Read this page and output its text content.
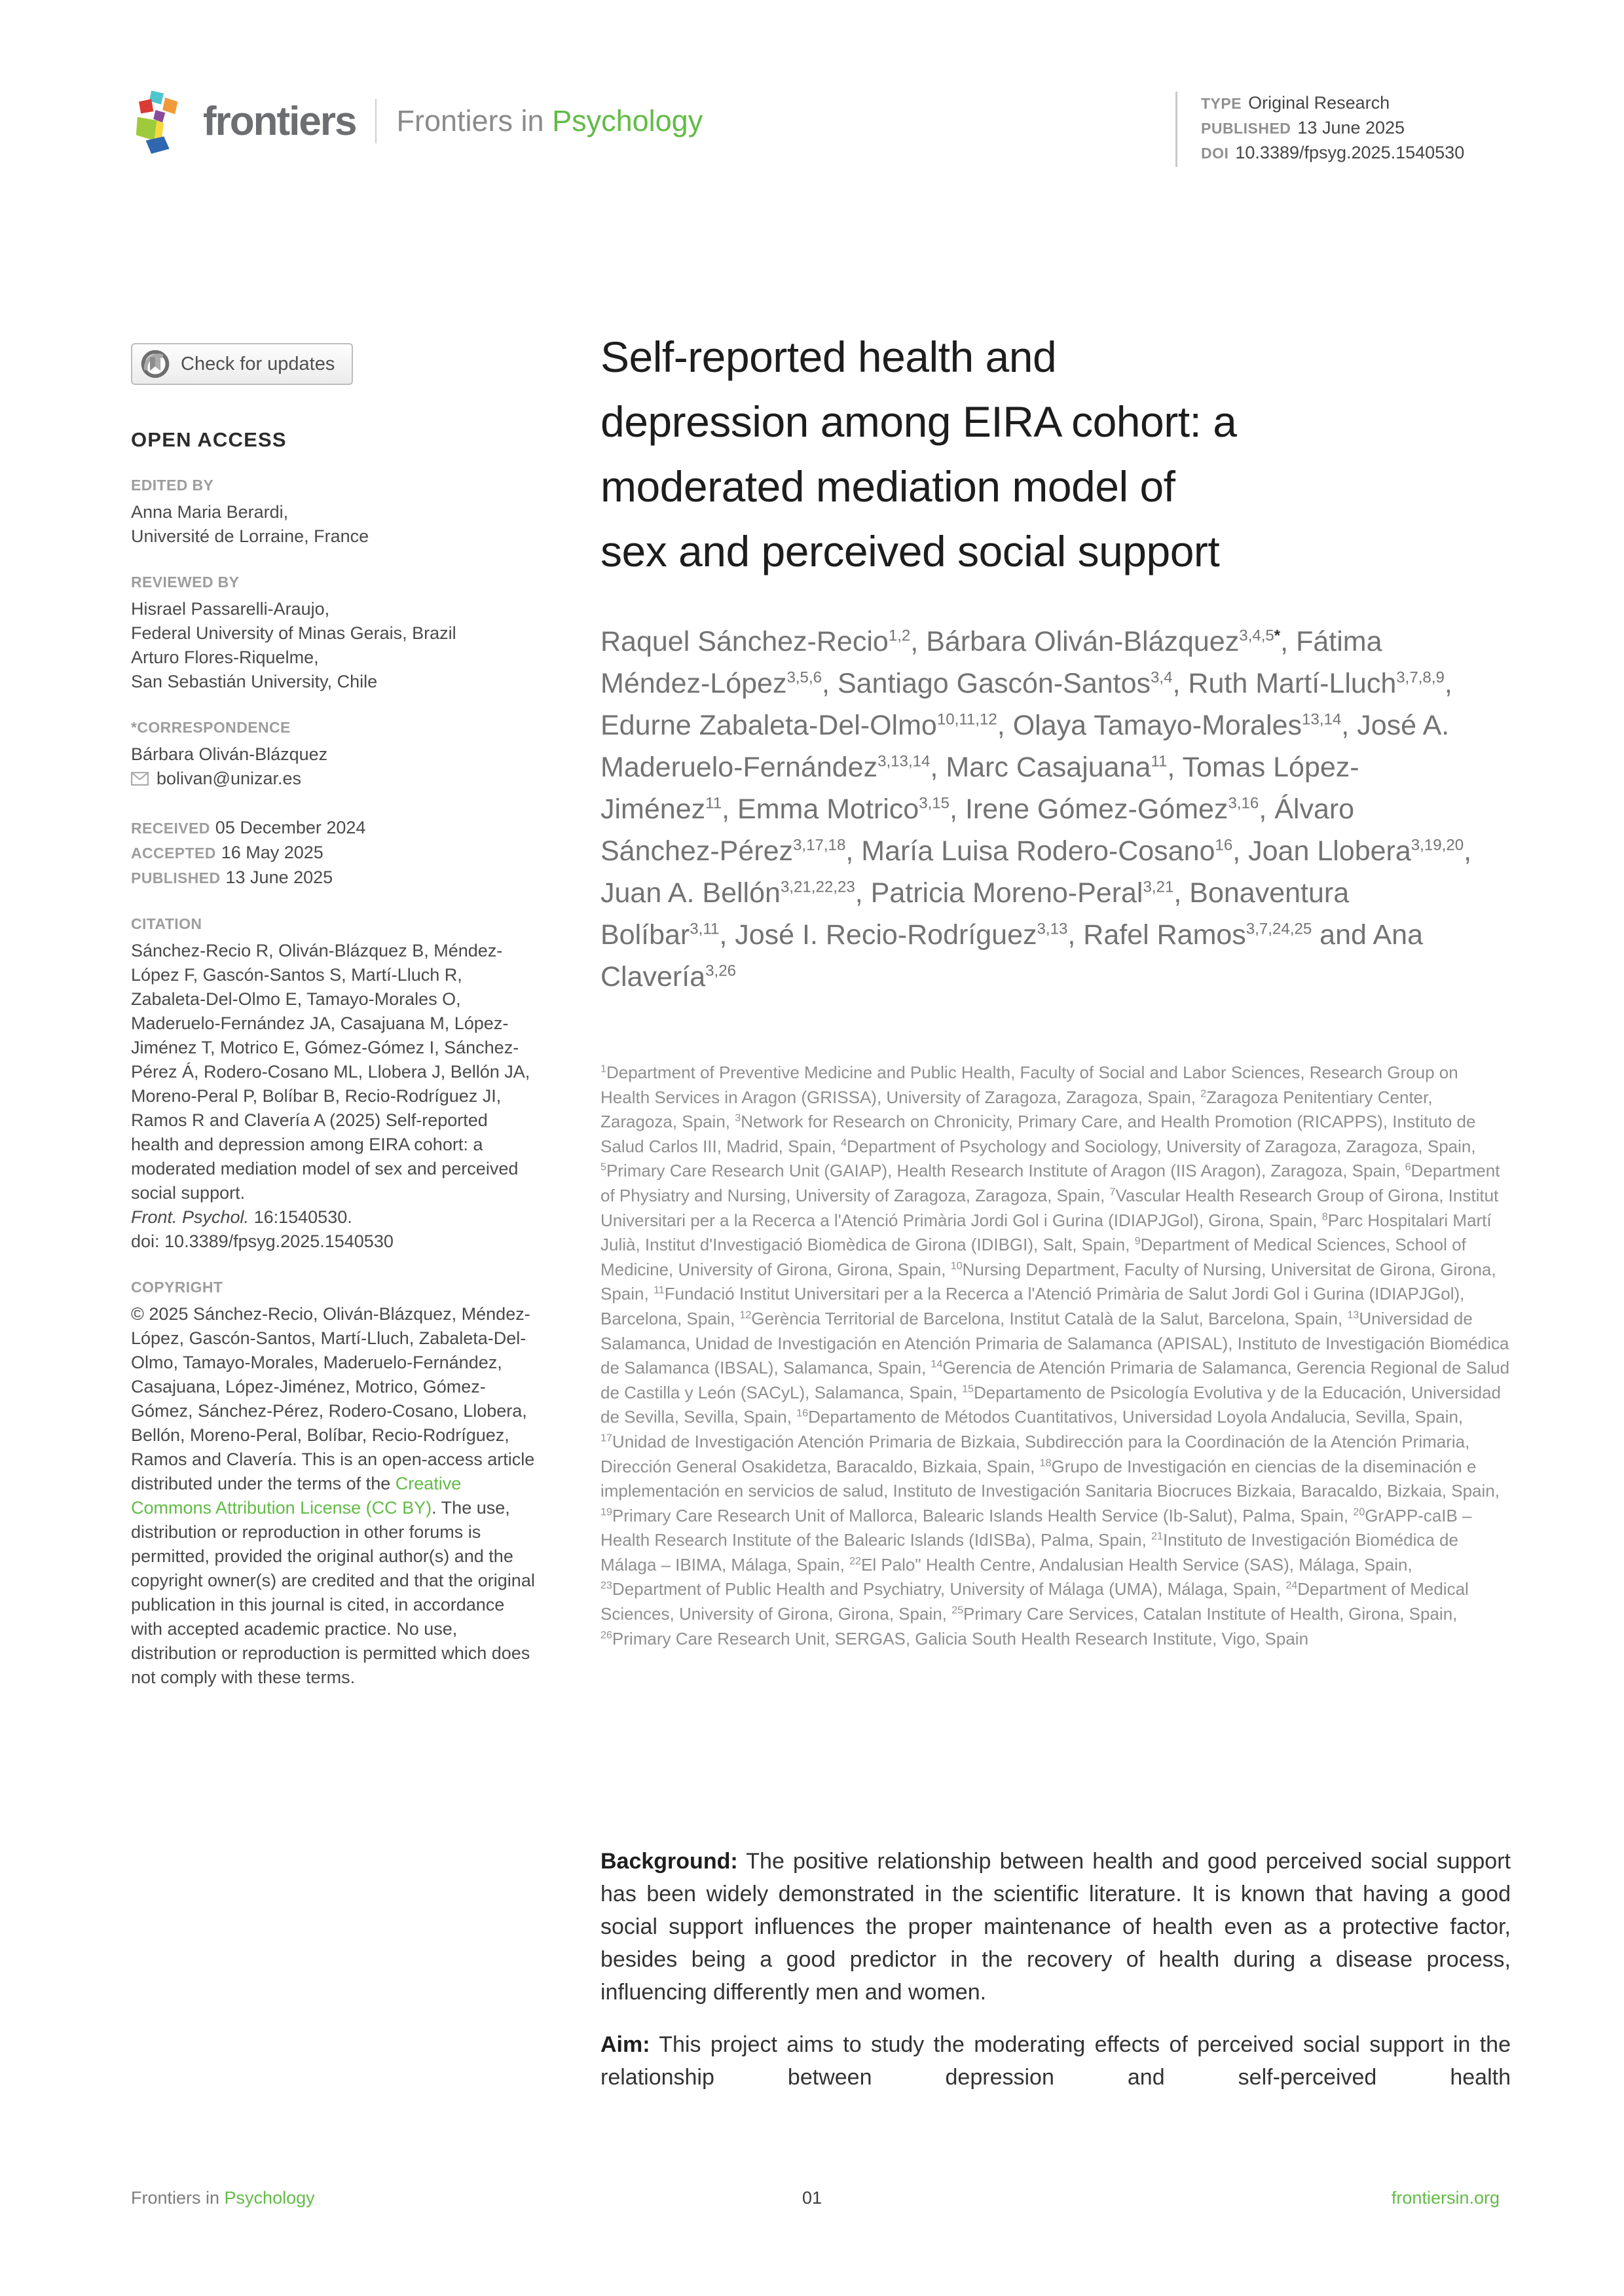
frontiers Frontiers in Psychology
TYPE Original Research
PUBLISHED 13 June 2025
DOI 10.3389/fpsyg.2025.1540530
Check for updates
OPEN ACCESS
EDITED BY
Anna Maria Berardi,
Université de Lorraine, France
REVIEWED BY
Hisrael Passarelli-Araujo,
Federal University of Minas Gerais, Brazil
Arturo Flores-Riquelme,
San Sebastián University, Chile
*CORRESPONDENCE
Bárbara Oliván-Blázquez
bolivan@unizar.es
RECEIVED 05 December 2024
ACCEPTED 16 May 2025
PUBLISHED 13 June 2025
CITATION
Sánchez-Recio R, Oliván-Blázquez B, Méndez-López F, Gascón-Santos S, Martí-Lluch R, Zabaleta-Del-Olmo E, Tamayo-Morales O, Maderuelo-Fernández JA, Casajuana M, López-Jiménez T, Motrico E, Gómez-Gómez I, Sánchez-Pérez Á, Rodero-Cosano ML, Llobera J, Bellón JA, Moreno-Peral P, Bolíbar B, Recio-Rodríguez JI, Ramos R and Clavería A (2025) Self-reported health and depression among EIRA cohort: a moderated mediation model of sex and perceived social support.
Front. Psychol. 16:1540530.
doi: 10.3389/fpsyg.2025.1540530
COPYRIGHT
© 2025 Sánchez-Recio, Oliván-Blázquez, Méndez-López, Gascón-Santos, Martí-Lluch, Zabaleta-Del-Olmo, Tamayo-Morales, Maderuelo-Fernández, Casajuana, López-Jiménez, Motrico, Gómez-Gómez, Sánchez-Pérez, Rodero-Cosano, Llobera, Bellón, Moreno-Peral, Bolíbar, Recio-Rodríguez, Ramos and Clavería. This is an open-access article distributed under the terms of the Creative Commons Attribution License (CC BY). The use, distribution or reproduction in other forums is permitted, provided the original author(s) and the copyright owner(s) are credited and that the original publication in this journal is cited, in accordance with accepted academic practice. No use, distribution or reproduction is permitted which does not comply with these terms.
Self-reported health and
depression among EIRA cohort: a
moderated mediation model of
sex and perceived social support
Raquel Sánchez-Recio$^{1,2}$, Bárbara Oliván-Blázquez$^{3,4,5*}$, Fátima Méndez-López$^{3,5,6}$, Santiago Gascón-Santos$^{3,4}$, Ruth Martí-Lluch$^{3,7,8,9}$, Edurne Zabaleta-Del-Olmo$^{10,11,12}$, Olaya Tamayo-Morales$^{13,14}$, José A. Maderuelo-Fernández$^{3,13,14}$, Marc Casajuana$^{11}$, Tomas López-Jiménez$^{11}$, Emma Motrico$^{3,15}$, Irene Gómez-Gómez$^{3,16}$, Álvaro Sánchez-Pérez$^{3,17,18}$, María Luisa Rodero-Cosano$^{16}$, Joan Llobera$^{3,19,20}$, Juan A. Bellón$^{3,21,22,23}$, Patricia Moreno-Peral$^{3,21}$, Bonaventura Bolíbar$^{3,11}$, José I. Recio-Rodríguez$^{3,13}$, Rafel Ramos$^{3,7,24,25}$ and Ana Clavería$^{3,26}$
$^1$Department of Preventive Medicine and Public Health, Faculty of Social and Labor Sciences, Research Group on Health Services in Aragon (GRISSA), University of Zaragoza, Zaragoza, Spain, $^2$Zaragoza Penitentiary Center, Zaragoza, Spain, $^3$Network for Research on Chronicity, Primary Care, and Health Promotion (RICAPPS), Instituto de Salud Carlos III, Madrid, Spain, $^4$Department of Psychology and Sociology, University of Zaragoza, Zaragoza, Spain, $^5$Primary Care Research Unit (GAIAP), Health Research Institute of Aragon (IIS Aragon), Zaragoza, Spain, $^6$Department of Physiatry and Nursing, University of Zaragoza, Zaragoza, Spain, $^7$Vascular Health Research Group of Girona, Institut Universitari per a la Recerca a l'Atenció Primària Jordi Gol i Gurina (IDIAPJGol), Girona, Spain, $^8$Parc Hospitalari Martí Julià, Institut d'Investigació Biomèdica de Girona (IDIBGI), Salt, Spain, $^9$Department of Medical Sciences, School of Medicine, University of Girona, Girona, Spain, $^{10}$Nursing Department, Faculty of Nursing, Universitat de Girona, Girona, Spain, $^{11}$Fundació Institut Universitari per a la Recerca a l'Atenció Primària de Salut Jordi Gol i Gurina (IDIAPJGol), Barcelona, Spain, $^{12}$Gerència Territorial de Barcelona, Institut Català de la Salut, Barcelona, Spain, $^{13}$Universidad de Salamanca, Unidad de Investigación en Atención Primaria de Salamanca (APISAL), Instituto de Investigación Biomédica de Salamanca (IBSAL), Salamanca, Spain, $^{14}$Gerencia de Atención Primaria de Salamanca, Gerencia Regional de Salud de Castilla y León (SACyL), Salamanca, Spain, $^{15}$Departamento de Psicología Evolutiva y de la Educación, Universidad de Sevilla, Sevilla, Spain, $^{16}$Departamento de Métodos Cuantitativos, Universidad Loyola Andalucia, Sevilla, Spain, $^{17}$Unidad de Investigación Atención Primaria de Bizkaia, Subdirección para la Coordinación de la Atención Primaria, Dirección General Osakidetza, Baracaldo, Bizkaia, Spain, $^{18}$Grupo de Investigación en ciencias de la diseminación e implementación en servicios de salud, Instituto de Investigación Sanitaria Biocruces Bizkaia, Baracaldo, Bizkaia, Spain, $^{19}$Primary Care Research Unit of Mallorca, Balearic Islands Health Service (Ib-Salut), Palma, Spain, $^{20}$GrAPP-caIB – Health Research Institute of the Balearic Islands (IdISBa), Palma, Spain, $^{21}$Instituto de Investigación Biomédica de Málaga – IBIMA, Málaga, Spain, $^{22}$El Palo" Health Centre, Andalusian Health Service (SAS), Málaga, Spain, $^{23}$Department of Public Health and Psychiatry, University of Málaga (UMA), Málaga, Spain, $^{24}$Department of Medical Sciences, University of Girona, Girona, Spain, $^{25}$Primary Care Services, Catalan Institute of Health, Girona, Spain, $^{26}$Primary Care Research Unit, SERGAS, Galicia South Health Research Institute, Vigo, Spain

Background: The positive relationship between health and good perceived social support has been widely demonstrated in the scientific literature. It is known that having a good social support influences the proper maintenance of health even as a protective factor, besides being a good predictor in the recovery of health during a disease process, influencing differently men and women.

Aim: This project aims to study the moderating effects of perceived social support in the relationship between depression and self-perceived health

Frontiers in Psychology	01	frontiersin.org
